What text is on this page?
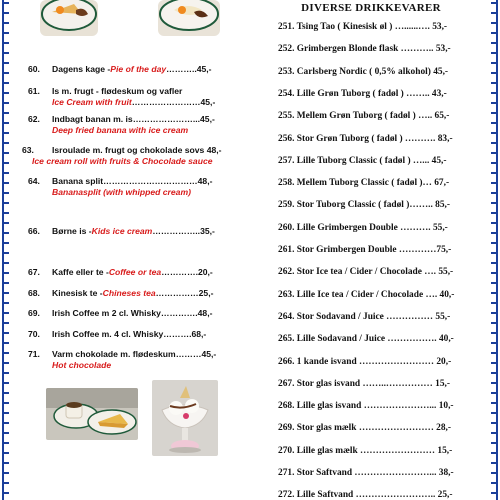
60.	Dagens kage - Pie of the day ……….. 45,-
61.	Is m. frugt - flødeskum og vafler
Ice Cream with fruit …………………… 45,-
62.	Indbagt banan m. is …………………... 45,-
Deep fried banana with ice cream
63.	Isroulade m. frugt og chokolade sovs 48,-
Ice cream roll with fruits & Chocolade sauce
64.	Banana split …………………………… 48,-
Bananasplit (with whipped cream)
66.	Børne is - Kids ice cream …………….. 35,-
67.	Kaffe eller te - Coffee or tea …………. 20,-
68.	Kinesisk te - Chineses tea …………… 25,-
69.	Irish Coffee m 2 cl. Whisky …………. 48,-
70.	Irish Coffee m. 4 cl. Whisky ………. 68,-
71.	Varm chokolade m. flødeskum ……… 45,-
Hot chocolade
DIVERSE DRIKKEVARER
251. Tsing Tao ( Kinesisk øl ) …......…. 53,-
252. Grimbergen Blonde flask ……….. 53,-
253. Carlsberg Nordic ( 0,5% alkohol) 45,-
254. Lille Grøn Tuborg ( fadøl ) …….. 43,-
255. Mellem Grøn Tuborg ( fadøl ) ….. 65,-
256. Stor Grøn Tuborg ( fadøl ) ………. 83,-
257. Lille Tuborg Classic ( fadøl ) …... 45,-
258. Mellem Tuborg Classic ( fadøl )… 67,-
259. Stor Tuborg Classic ( fadøl )…….. 85,-
260. Lille Grimbergen Double ………. 55,-
261. Stor Grimbergen Double …………75,-
262. Stor Ice tea / Cider / Chocolade …. 55,-
263. Lille Ice tea / Cider / Chocolade …. 40,-
264. Stor Sodavand / Juice …………… 55,-
265. Lille Sodavand / Juice ……………. 40,-
266. 1 kande isvand …………………… 20,-
267. Stor glas isvand ……..…………… 15,-
268. Lille glas isvand …………………... 10,-
269. Stor glas mælk …………………… 28,-
270. Lille glas mælk …………………… 15,-
271. Stor Saftvand ……………………... 38,-
272. Lille Saftvand …………………….. 25,-
